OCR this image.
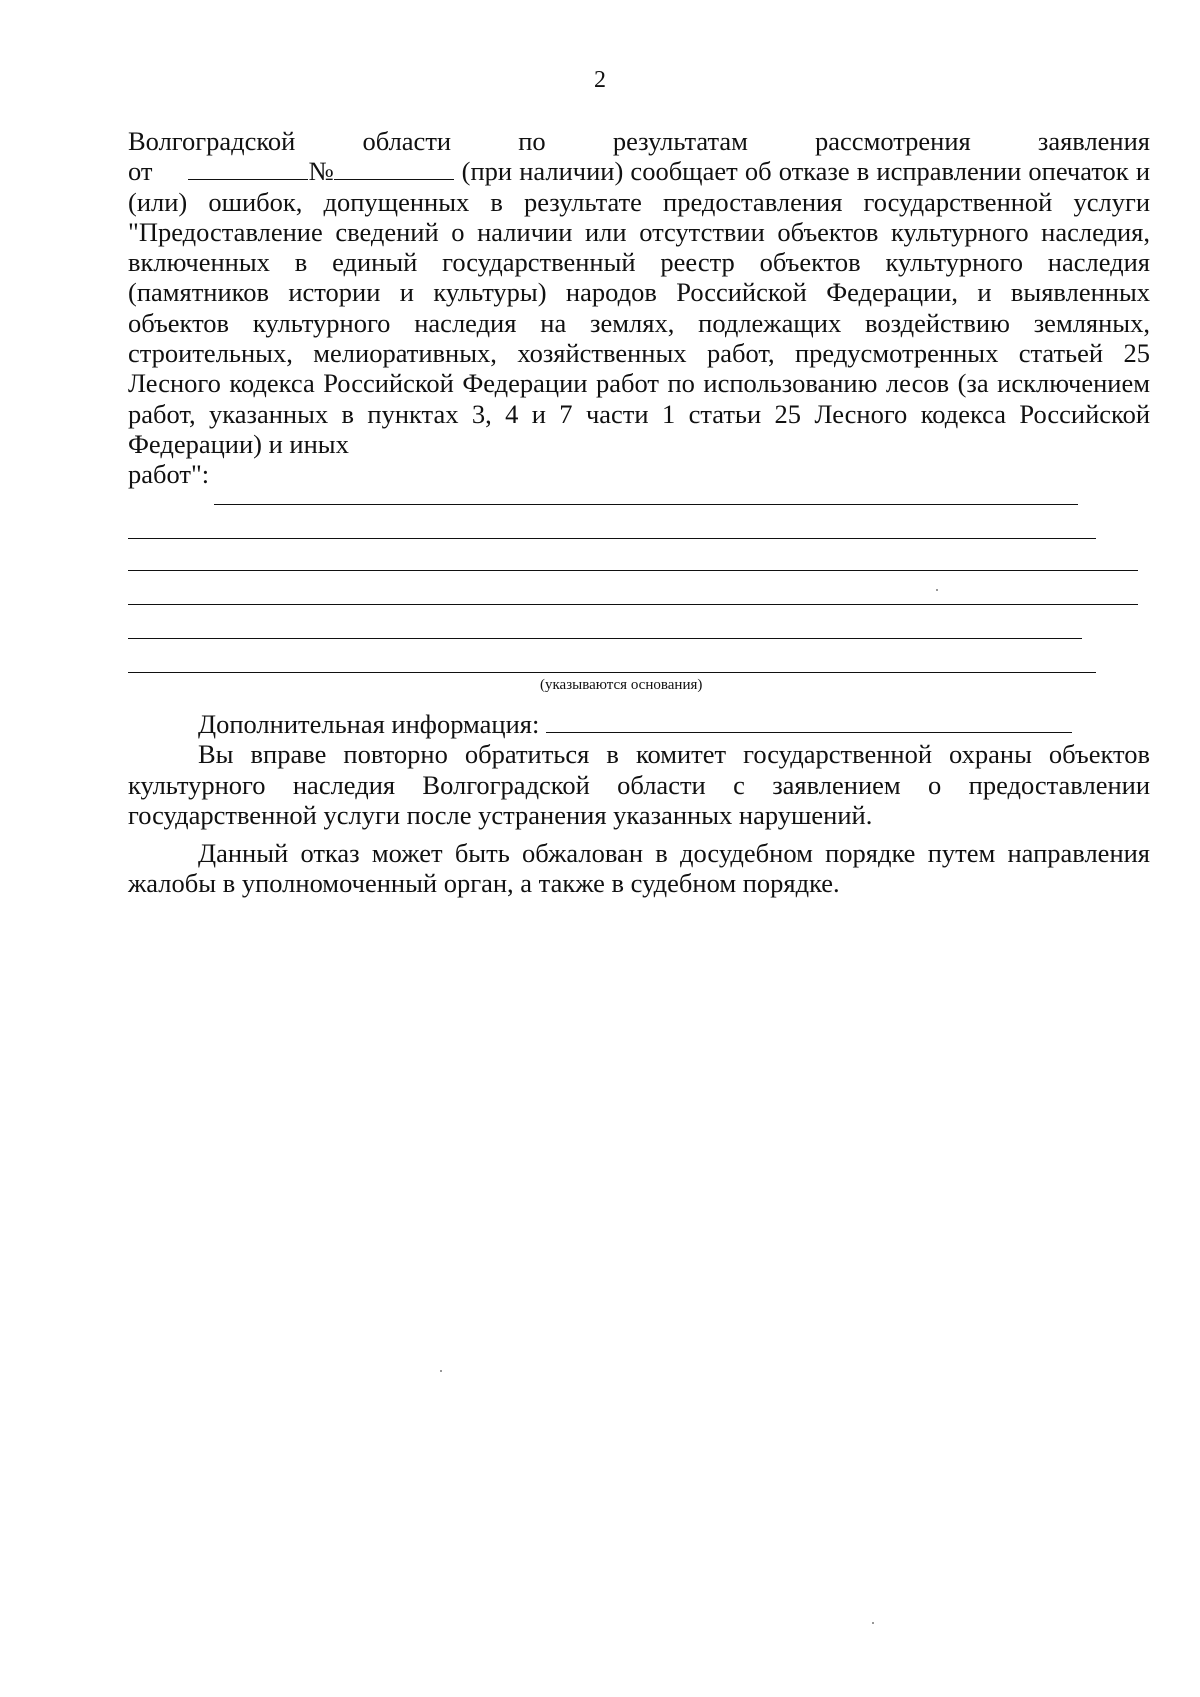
2

Волгоградской области по результатам рассмотрения заявления

от	№	(при наличии) сообщает об отказе в исправлении опечаток и (или) ошибок, допущенных в результате предоставления государственной услуги "Предоставление сведений о наличии или отсутствии объектов культурного наследия, включенных в единый государственный реестр объектов культурного наследия (памятников истории и культуры) народов Российской Федерации, и выявленных объектов культурного наследия на землях, подлежащих воздействию земляных, строительных, мелиоративных, хозяйственных работ, предусмотренных статьей 25 Лесного кодекса Российской Федерации работ по использованию лесов (за исключением работ, указанных в пунктах 3, 4 и 7 части 1 статьи 25 Лесного кодекса Российской Федерации) и иных

работ":

(указываются основания)

Дополнительная информация:

Вы вправе повторно обратиться в комитет государственной охраны объектов культурного наследия Волгоградской области с заявлением о предоставлении государственной услуги после устранения указанных нарушений.

Данный отказ может быть обжалован в досудебном порядке путем направления жалобы в уполномоченный орган, а также в судебном порядке.
